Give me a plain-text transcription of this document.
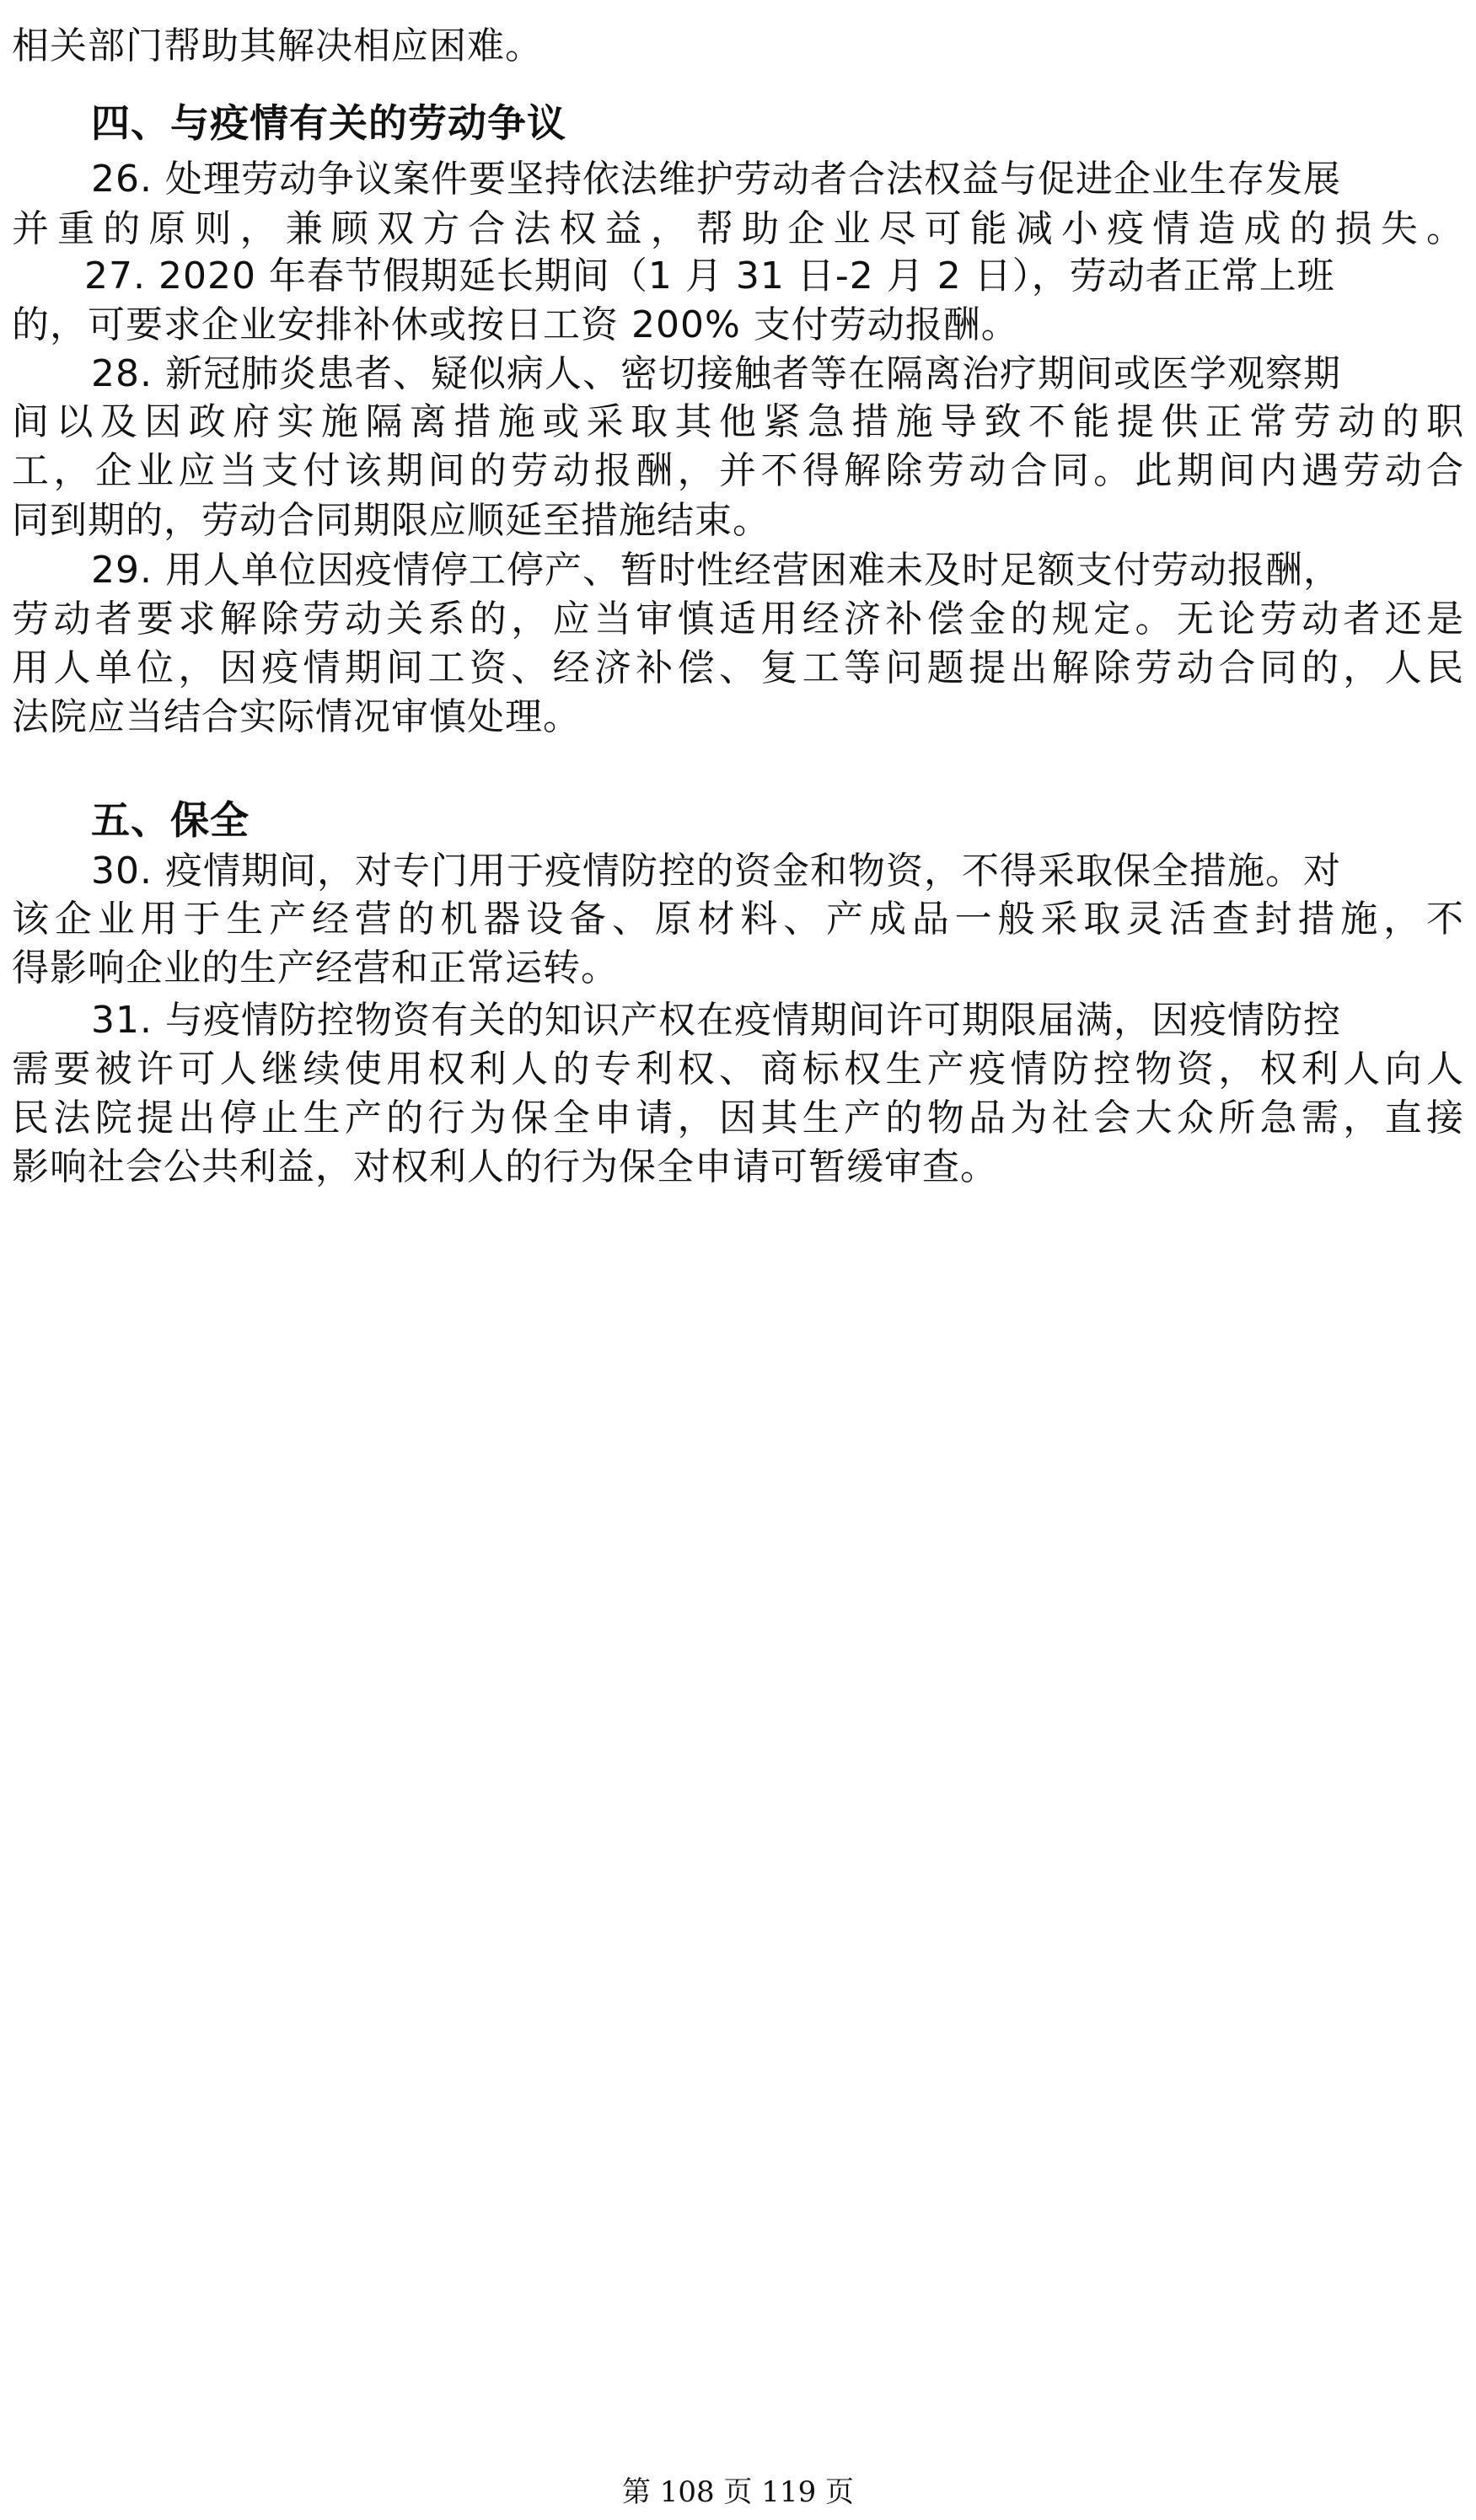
相关部门帮助其解决相应困难。
四、与疫情有关的劳动争议
26. 处理劳动争议案件要坚持依法维护劳动者合法权益与促进企业生存发展
并重的原则，兼顾双方合法权益，帮助企业尽可能减小疫情造成的损失。
27. 2020 年春节假期延长期间（1 月 31 日-2 月 2 日），劳动者正常上班
的，可要求企业安排补休或按日工资 200% 支付劳动报酬。
28. 新冠肺炎患者、疑似病人、密切接触者等在隔离治疗期间或医学观察期
间以及因政府实施隔离措施或采取其他紧急措施导致不能提供正常劳动的职
工，企业应当支付该期间的劳动报酬，并不得解除劳动合同。此期间内遇劳动合
同到期的，劳动合同期限应顺延至措施结束。
29. 用人单位因疫情停工停产、暂时性经营困难未及时足额支付劳动报酬，
劳动者要求解除劳动关系的，应当审慎适用经济补偿金的规定。无论劳动者还是
用人单位，因疫情期间工资、经济补偿、复工等问题提出解除劳动合同的，人民
法院应当结合实际情况审慎处理。
五、保全
30. 疫情期间，对专门用于疫情防控的资金和物资，不得采取保全措施。对
该企业用于生产经营的机器设备、原材料、产成品一般采取灵活查封措施，不
得影响企业的生产经营和正常运转。
31. 与疫情防控物资有关的知识产权在疫情期间许可期限届满，因疫情防控
需要被许可人继续使用权利人的专利权、商标权生产疫情防控物资，权利人向人
民法院提出停止生产的行为保全申请，因其生产的物品为社会大众所急需，直接
影响社会公共利益，对权利人的行为保全申请可暂缓审查。
第 108 页 119 页
